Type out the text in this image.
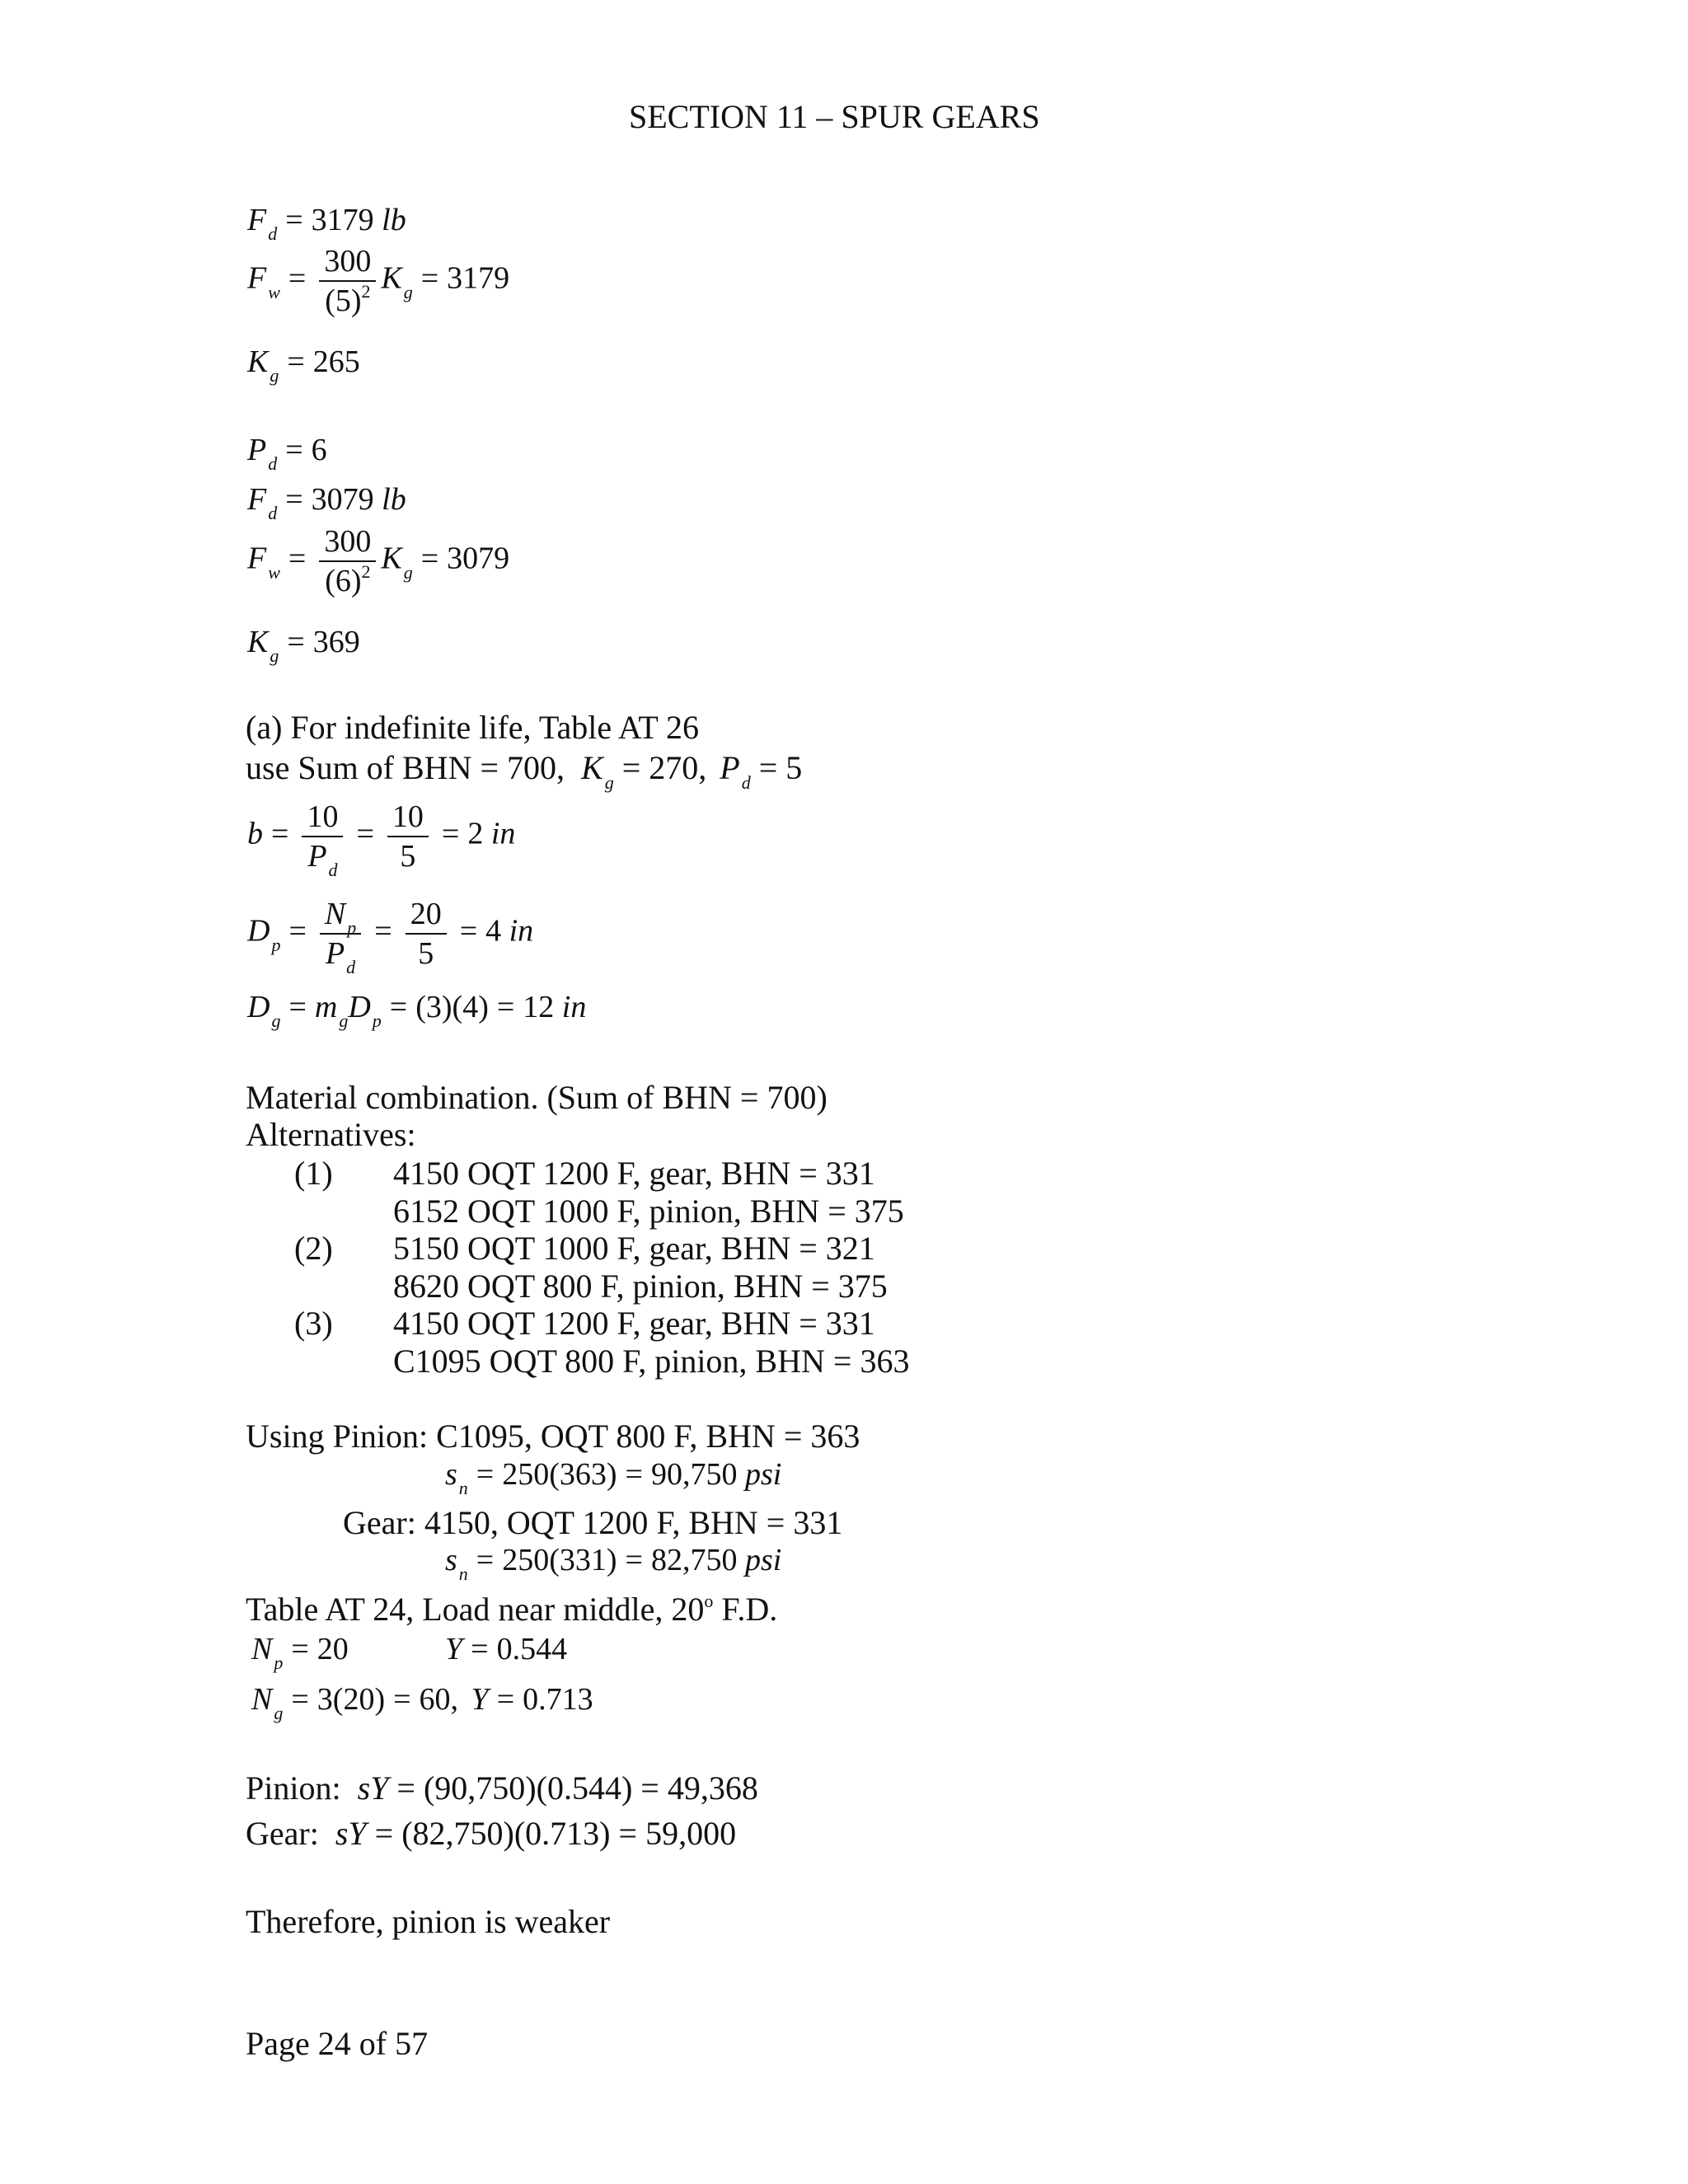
SECTION 11 – SPUR GEARS
$F_d = 3179$ lb
$F_w = \frac{300}{(5)^2} K_g = 3179$
$K_g = 265$
$P_d = 6$
$F_d = 3079$ lb
$F_w = \frac{300}{(6)^2} K_g = 3079$
$K_g = 369$
(a) For indefinite life, Table AT 26
use Sum of BHN = 700, $K_g = 270$, $P_d = 5$
$b = \frac{10}{P_d} = \frac{10}{5} = 2$ in
$D_p = \frac{N_p}{P_d} = \frac{20}{5} = 4$ in
$D_g = m_gD_p = (3)(4) = 12$ in
Material combination. (Sum of BHN = 700)
Alternatives:
(1) 4150 OQT 1200 F, gear, BHN = 331
6152 OQT 1000 F, pinion, BHN = 375
(2) 5150 OQT 1000 F, gear, BHN = 321
8620 OQT 800 F, pinion, BHN = 375
(3) 4150 OQT 1200 F, gear, BHN = 331
C1095 OQT 800 F, pinion, BHN = 363
Using Pinion: C1095, OQT 800 F, BHN = 363
$s_n = 250(363) = 90,750$ psi
Gear: 4150, OQT 1200 F, BHN = 331
$s_n = 250(331) = 82,750$ psi
Table AT 24, Load near middle, 20$^o$ F.D.
$N_p = 20$	Y = 0.544
$N_g = 3(20) = 60$, Y = 0.713
Pinion: sY = (90,750)(0.544) = 49,368
Gear: sY = (82,750)(0.713) = 59,000
Therefore, pinion is weaker
Page 24 of 57
